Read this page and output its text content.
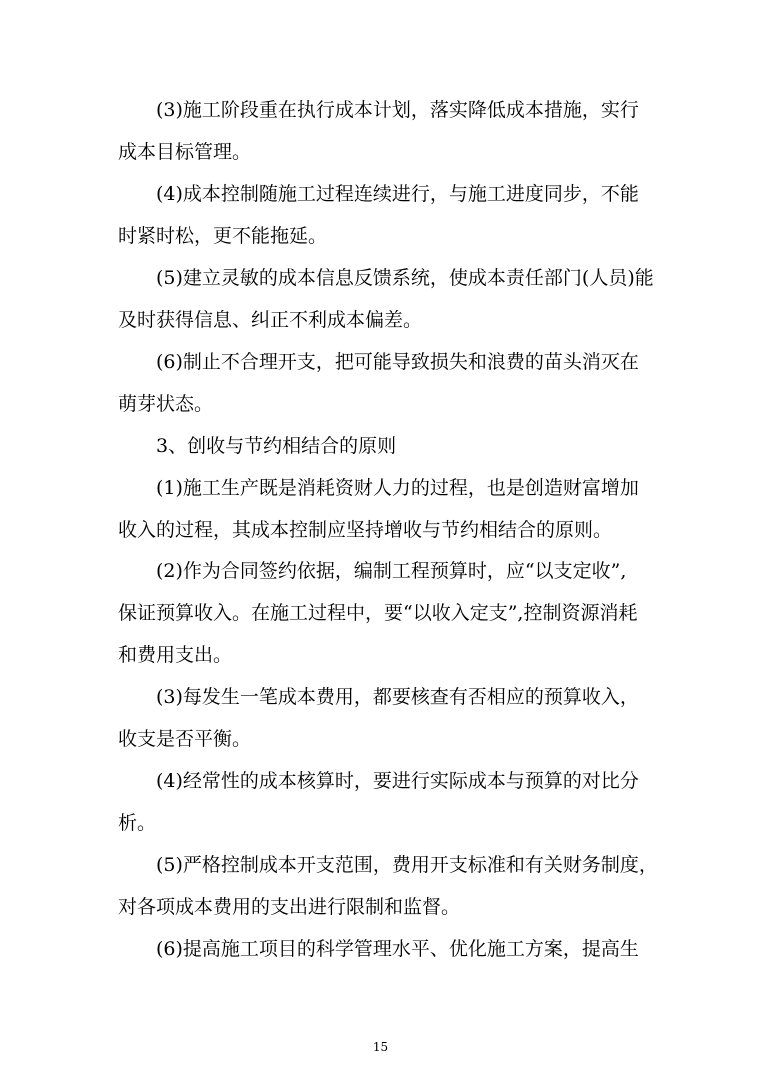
(3)施工阶段重在执行成本计划，落实降低成本措施，实行
成本目标管理。
(4)成本控制随施工过程连续进行，与施工进度同步，不能
时紧时松，更不能拖延。
(5)建立灵敏的成本信息反馈系统，使成本责任部门(人员)能
及时获得信息、纠正不利成本偏差。
(6)制止不合理开支，把可能导致损失和浪费的苗头消灭在
萌芽状态。
3、创收与节约相结合的原则
(1)施工生产既是消耗资财人力的过程，也是创造财富增加
收入的过程，其成本控制应坚持增收与节约相结合的原则。
(2)作为合同签约依据，编制工程预算时，应“以支定收”,
保证预算收入。在施工过程中，要“以收入定支”,控制资源消耗
和费用支出。
(3)每发生一笔成本费用，都要核查有否相应的预算收入，
收支是否平衡。
(4)经常性的成本核算时，要进行实际成本与预算的对比分
析。
(5)严格控制成本开支范围，费用开支标准和有关财务制度，
对各项成本费用的支出进行限制和监督。
(6)提高施工项目的科学管理水平、优化施工方案，提高生
15
